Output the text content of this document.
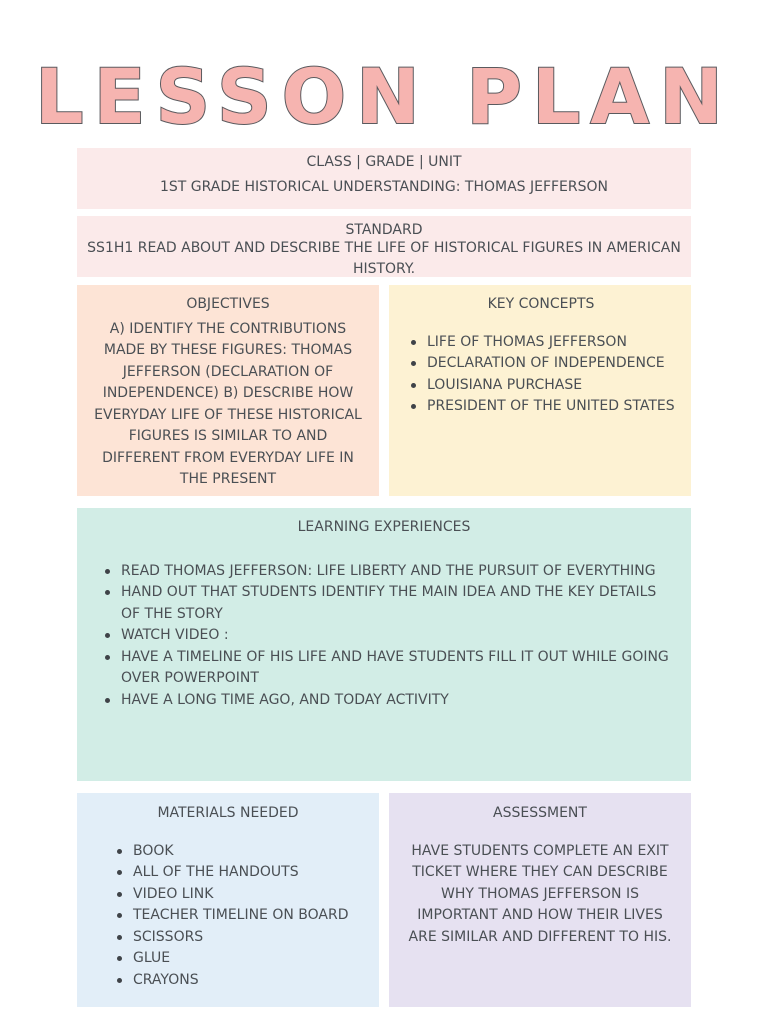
LESSON PLAN
CLASS | GRADE | UNIT
1ST GRADE HISTORICAL UNDERSTANDING: THOMAS JEFFERSON
STANDARD
SS1H1 READ ABOUT AND DESCRIBE THE LIFE OF HISTORICAL FIGURES IN AMERICAN HISTORY.
OBJECTIVES
A) IDENTIFY THE CONTRIBUTIONS MADE BY THESE FIGURES: THOMAS JEFFERSON (DECLARATION OF INDEPENDENCE) B) DESCRIBE HOW EVERYDAY LIFE OF THESE HISTORICAL FIGURES IS SIMILAR TO AND DIFFERENT FROM EVERYDAY LIFE IN THE PRESENT
KEY CONCEPTS
LIFE OF THOMAS JEFFERSON
DECLARATION OF INDEPENDENCE
LOUISIANA PURCHASE
PRESIDENT OF THE UNITED STATES
LEARNING EXPERIENCES
READ THOMAS JEFFERSON: LIFE LIBERTY AND THE PURSUIT OF EVERYTHING
HAND OUT THAT STUDENTS IDENTIFY THE MAIN IDEA AND THE KEY DETAILS OF THE STORY
WATCH VIDEO :
HAVE A TIMELINE OF HIS LIFE AND HAVE STUDENTS FILL IT OUT WHILE GOING OVER POWERPOINT
HAVE A LONG TIME AGO, AND TODAY ACTIVITY
MATERIALS NEEDED
BOOK
ALL OF THE HANDOUTS
VIDEO LINK
TEACHER TIMELINE ON BOARD
SCISSORS
GLUE
CRAYONS
ASSESSMENT
HAVE STUDENTS COMPLETE AN EXIT TICKET WHERE THEY CAN DESCRIBE WHY THOMAS JEFFERSON IS IMPORTANT AND HOW THEIR LIVES ARE SIMILAR AND DIFFERENT TO HIS.
